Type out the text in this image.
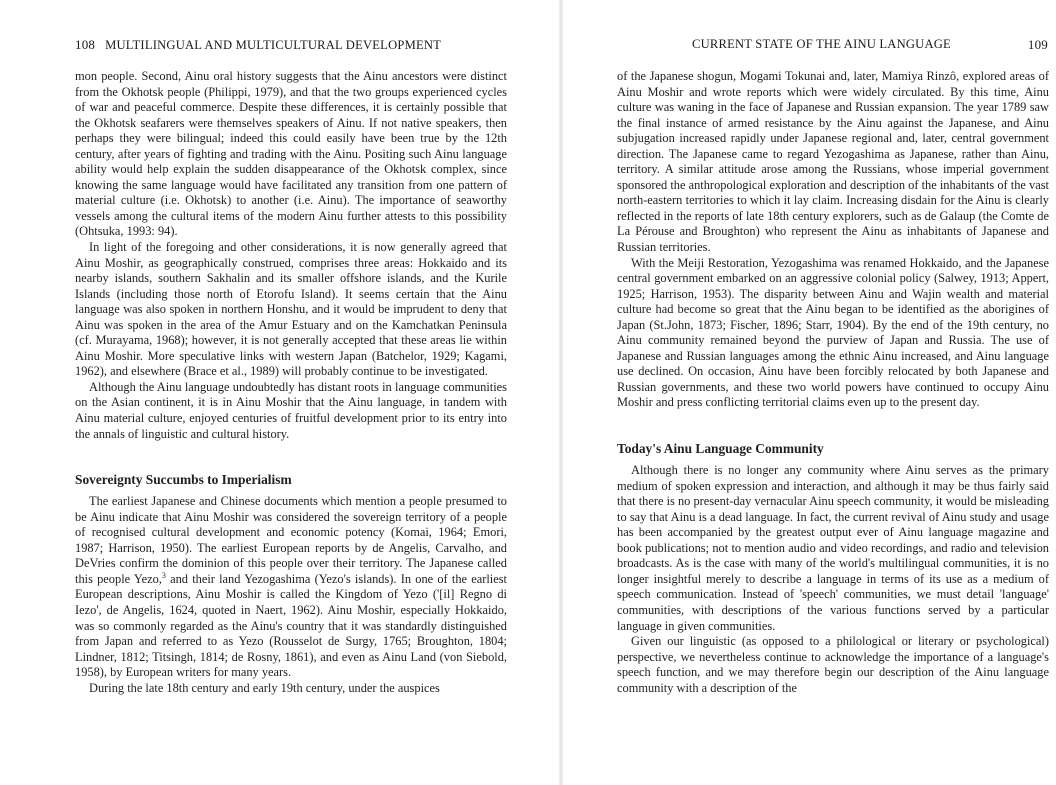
108 MULTILINGUAL AND MULTICULTURAL DEVELOPMENT

mon people. Second, Ainu oral history suggests that the Ainu ancestors were distinct from the Okhotsk people (Philippi, 1979), and that the two groups experienced cycles of war and peaceful commerce. Despite these differences, it is certainly possible that the Okhotsk seafarers were themselves speakers of Ainu. If not native speakers, then perhaps they were bilingual; indeed this could easily have been true by the 12th century, after years of fighting and trading with the Ainu. Positing such Ainu language ability would help explain the sudden disappearance of the Okhotsk complex, since knowing the same language would have facilitated any transition from one pattern of material culture (i.e. Okhotsk) to another (i.e. Ainu). The importance of seaworthy vessels among the cultural items of the modern Ainu further attests to this possibility (Ohtsuka, 1993: 94).

In light of the foregoing and other considerations, it is now generally agreed that Ainu Moshir, as geographically construed, comprises three areas: Hokkaido and its nearby islands, southern Sakhalin and its smaller offshore islands, and the Kurile Islands (including those north of Etorofu Island). It seems certain that the Ainu language was also spoken in northern Honshu, and it would be imprudent to deny that Ainu was spoken in the area of the Amur Estuary and on the Kamchatkan Peninsula (cf. Murayama, 1968); however, it is not generally accepted that these areas lie within Ainu Moshir. More speculative links with western Japan (Batchelor, 1929; Kagami, 1962), and elsewhere (Brace et al., 1989) will probably continue to be investigated.

Although the Ainu language undoubtedly has distant roots in language communities on the Asian continent, it is in Ainu Moshir that the Ainu language, in tandem with Ainu material culture, enjoyed centuries of fruitful development prior to its entry into the annals of linguistic and cultural history.

Sovereignty Succumbs to Imperialism

The earliest Japanese and Chinese documents which mention a people presumed to be Ainu indicate that Ainu Moshir was considered the sovereign territory of a people of recognised cultural development and economic potency (Komai, 1964; Emori, 1987; Harrison, 1950). The earliest European reports by de Angelis, Carvalho, and DeVries confirm the dominion of this people over their territory. The Japanese called this people Yezo,$^3$ and their land Yezogashima (Yezo's islands). In one of the earliest European descriptions, Ainu Moshir is called the Kingdom of Yezo ('[il] Regno di Iezo', de Angelis, 1624, quoted in Naert, 1962). Ainu Moshir, especially Hokkaido, was so commonly regarded as the Ainu's country that it was standardly distinguished from Japan and referred to as Yezo (Rousselot de Surgy, 1765; Broughton, 1804; Lindner, 1812; Titsingh, 1814; de Rosny, 1861), and even as Ainu Land (von Siebold, 1958), by European writers for many years.

During the late 18th century and early 19th century, under the auspices

CURRENT STATE OF THE AINU LANGUAGE	109

of the Japanese shogun, Mogami Tokunai and, later, Mamiya Rinzô, explored areas of Ainu Moshir and wrote reports which were widely circulated. By this time, Ainu culture was waning in the face of Japanese and Russian expansion. The year 1789 saw the final instance of armed resistance by the Ainu against the Japanese, and Ainu subjugation increased rapidly under Japanese regional and, later, central government direction. The Japanese came to regard Yezogashima as Japanese, rather than Ainu, territory. A similar attitude arose among the Russians, whose imperial government sponsored the anthropological exploration and description of the inhabitants of the vast north-eastern territories to which it lay claim. Increasing disdain for the Ainu is clearly reflected in the reports of late 18th century explorers, such as de Galaup (the Comte de La Pérouse and Broughton) who represent the Ainu as inhabitants of Japanese and Russian territories.

With the Meiji Restoration, Yezogashima was renamed Hokkaido, and the Japanese central government embarked on an aggressive colonial policy (Salwey, 1913; Appert, 1925; Harrison, 1953). The disparity between Ainu and Wajin wealth and material culture had become so great that the Ainu began to be identified as the aborigines of Japan (St.John, 1873; Fischer, 1896; Starr, 1904). By the end of the 19th century, no Ainu community remained beyond the purview of Japan and Russia. The use of Japanese and Russian languages among the ethnic Ainu increased, and Ainu language use declined. On occasion, Ainu have been forcibly relocated by both Japanese and Russian governments, and these two world powers have continued to occupy Ainu Moshir and press conflicting territorial claims even up to the present day.

Today's Ainu Language Community

Although there is no longer any community where Ainu serves as the primary medium of spoken expression and interaction, and although it may be thus fairly said that there is no present-day vernacular Ainu speech community, it would be misleading to say that Ainu is a dead language. In fact, the current revival of Ainu study and usage has been accompanied by the greatest output ever of Ainu language magazine and book publications; not to mention audio and video recordings, and radio and television broadcasts. As is the case with many of the world's multilingual communities, it is no longer insightful merely to describe a language in terms of its use as a medium of speech communication. Instead of 'speech' communities, we must detail 'language' communities, with descriptions of the various functions served by a particular language in given communities.

Given our linguistic (as opposed to a philological or literary or psychological) perspective, we nevertheless continue to acknowledge the importance of a language's speech function, and we may therefore begin our description of the Ainu language community with a description of the
